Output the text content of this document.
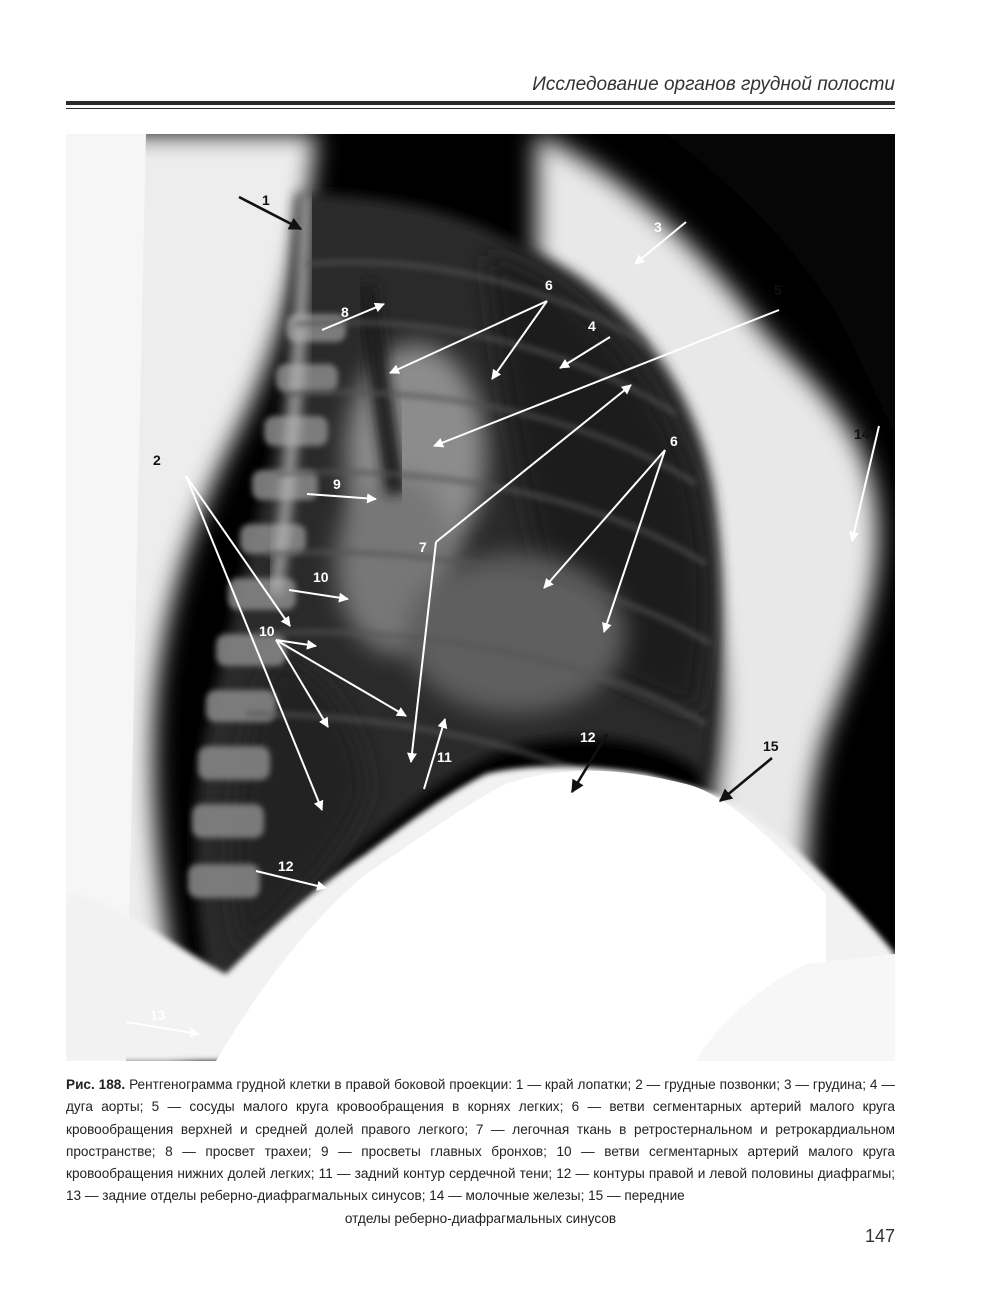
Исследование органов грудной полости
1
2
3
4
5
6
6
7
8
9
10
10
11
12
12
13
14
15
Рис. 188. Рентгенограмма грудной клетки в правой боковой проекции: 1 — край лопатки; 2 — грудные позвонки; 3 — грудина; 4 — дуга аорты; 5 — сосуды малого круга кровообращения в корнях легких; 6 — ветви сегментарных артерий малого круга кровообращения верхней и средней долей правого легкого; 7 — легочная ткань в ретростернальном и ретрокардиальном пространстве; 8 — просвет трахеи; 9 — просветы главных бронхов; 10 — ветви сегментарных артерий малого круга кровообращения нижних долей легких; 11 — задний контур сердечной тени; 12 — контуры правой и левой половины диафрагмы; 13 — задние отделы реберно-диафрагмальных синусов; 14 — молочные железы; 15 — передние
отделы реберно-диафрагмальных синусов
147
